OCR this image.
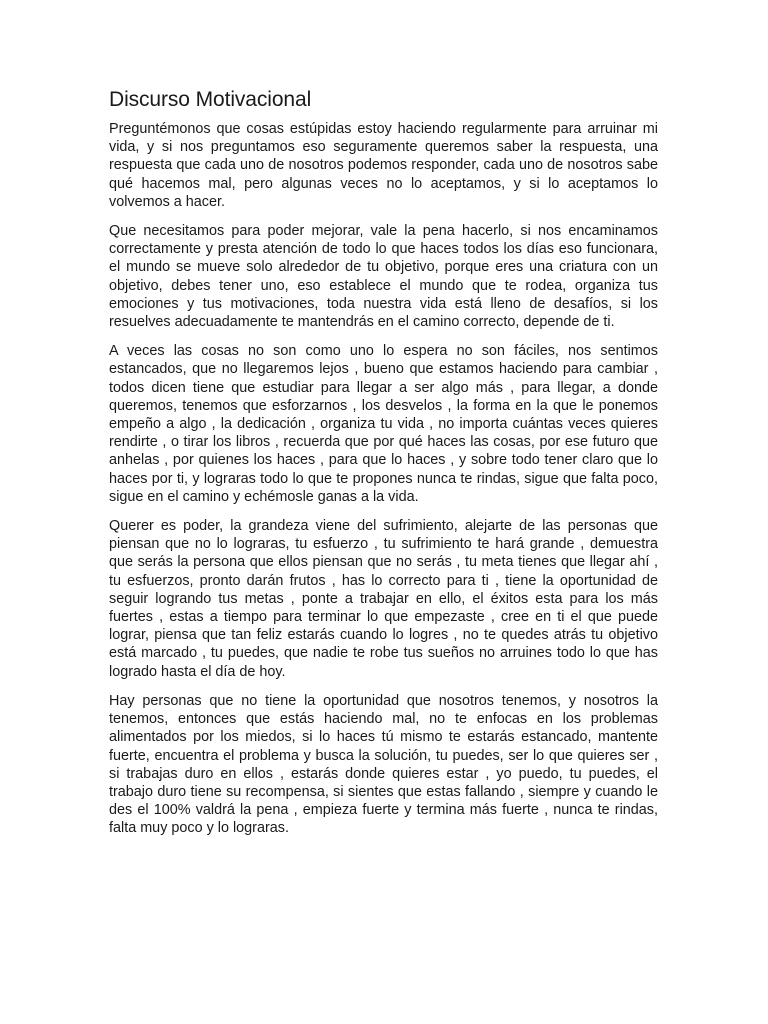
Discurso Motivacional

Preguntémonos que cosas estúpidas estoy haciendo regularmente para arruinar mi vida, y si nos preguntamos eso seguramente queremos saber la respuesta, una respuesta que cada uno de nosotros podemos responder, cada uno de nosotros sabe qué hacemos mal, pero algunas veces no lo aceptamos, y si lo aceptamos lo volvemos a hacer.

Que necesitamos para poder mejorar, vale la pena hacerlo, si nos encaminamos correctamente y presta atención de todo lo que haces todos los días eso funcionara, el mundo se mueve solo alrededor de tu objetivo, porque eres una criatura con un objetivo, debes tener uno, eso establece el mundo que te rodea, organiza tus emociones y tus motivaciones, toda nuestra vida está lleno de desafíos, si los resuelves adecuadamente te mantendrás en el camino correcto, depende de ti.

A veces las cosas no son como uno lo espera no son fáciles, nos sentimos estancados, que no llegaremos lejos , bueno que estamos haciendo para cambiar , todos dicen tiene que estudiar para llegar a ser algo más , para llegar, a donde queremos, tenemos que esforzarnos , los desvelos , la forma en la que le ponemos empeño a algo , la dedicación , organiza tu vida , no importa cuántas veces quieres rendirte , o tirar los libros , recuerda que por qué haces las cosas, por ese futuro que anhelas , por quienes los haces , para que lo haces , y sobre todo tener claro que lo haces por ti, y lograras todo lo que te propones nunca te rindas, sigue que falta poco, sigue en el camino y echémosle ganas a la vida.

Querer es poder, la grandeza viene del sufrimiento, alejarte de las personas que piensan que no lo lograras, tu esfuerzo , tu sufrimiento te hará grande , demuestra que serás la persona que ellos piensan que no serás , tu meta tienes que llegar ahí , tu esfuerzos, pronto darán frutos , has lo correcto para ti , tiene la oportunidad de seguir logrando tus metas , ponte a trabajar en ello, el éxitos esta para los más fuertes , estas a tiempo para terminar lo que empezaste , cree en ti el que puede lograr, piensa que tan feliz estarás cuando lo logres , no te quedes atrás tu objetivo está marcado , tu puedes, que nadie te robe tus sueños no arruines todo lo que has logrado hasta el día de hoy.

Hay personas que no tiene la oportunidad que nosotros tenemos, y nosotros la tenemos, entonces que estás haciendo mal, no te enfocas en los problemas alimentados por los miedos, si lo haces tú mismo te estarás estancado, mantente fuerte, encuentra el problema y busca la solución, tu puedes, ser lo que quieres ser , si trabajas duro en ellos , estarás donde quieres estar , yo puedo, tu puedes, el trabajo duro tiene su recompensa, si sientes que estas fallando , siempre y cuando le des el 100% valdrá la pena , empieza fuerte y termina más fuerte , nunca te rindas, falta muy poco y lo lograras.
